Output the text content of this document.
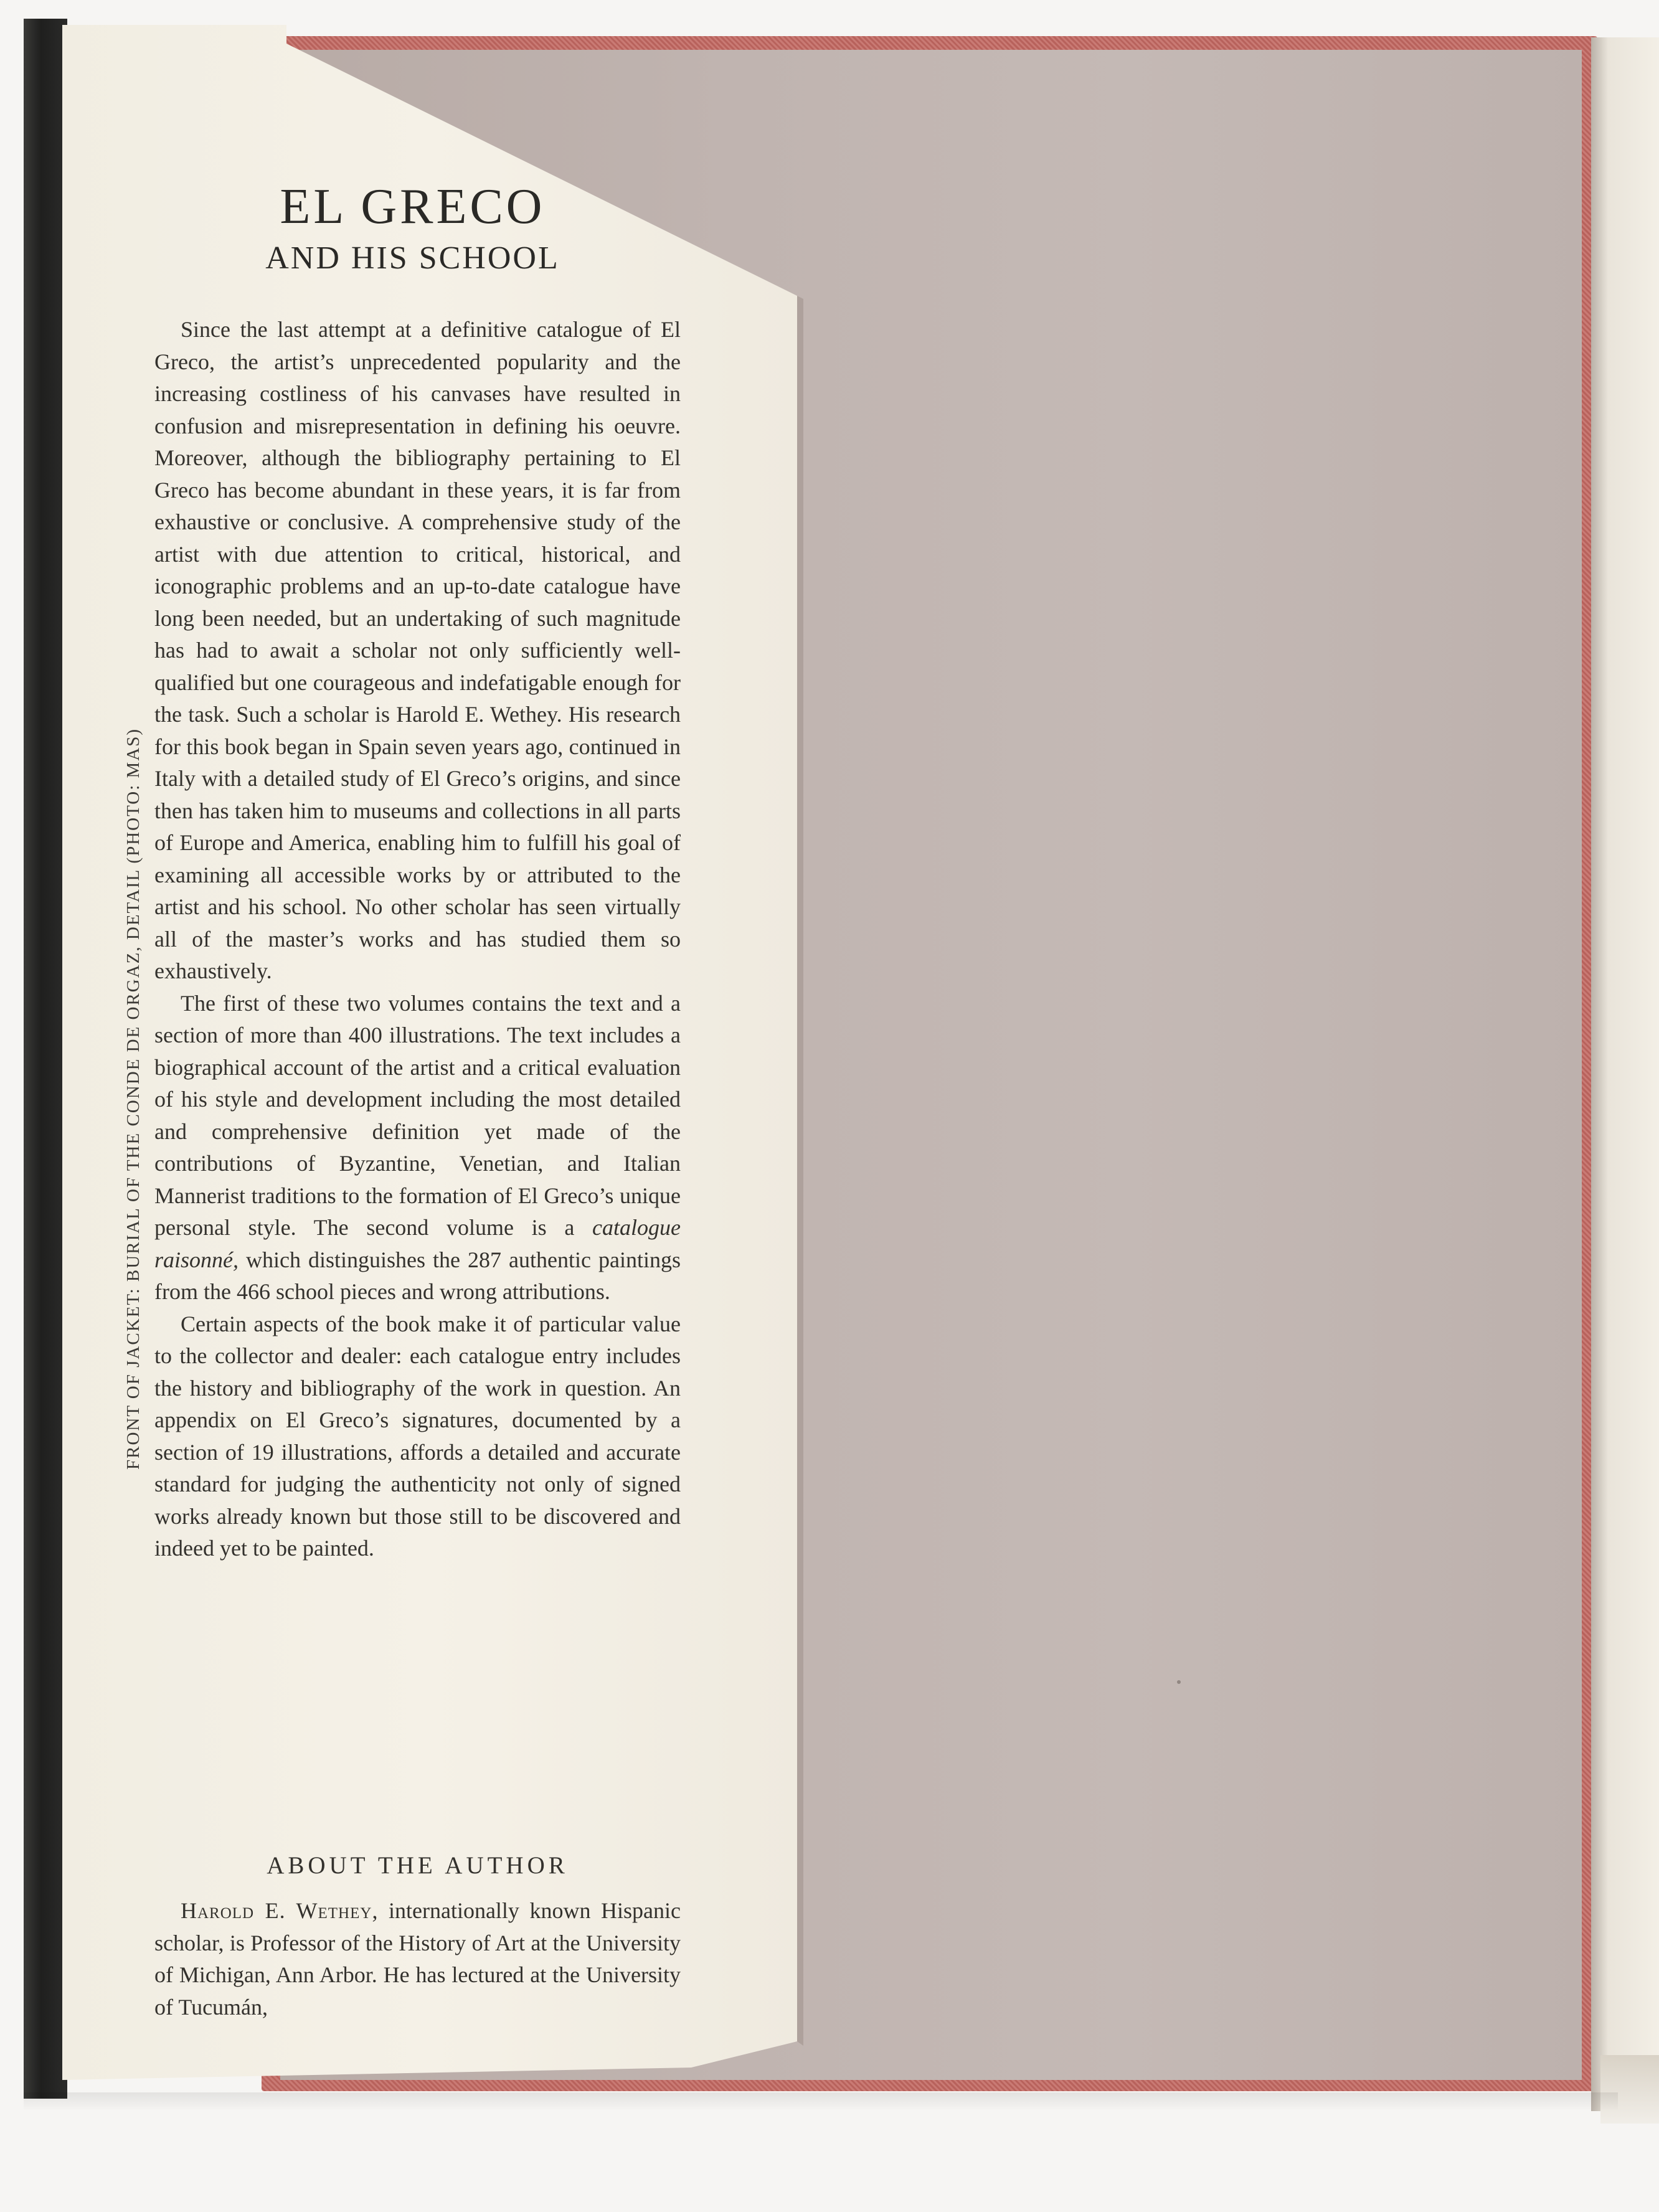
FRONT OF JACKET: BURIAL OF THE CONDE DE ORGAZ, DETAIL (PHOTO: MAS)
EL GRECO
AND HIS SCHOOL

Since the last attempt at a definitive catalogue of El Greco, the artist’s unprecedented popularity and the increasing costliness of his canvases have resulted in confusion and misrepresentation in defining his oeuvre. Moreover, although the bibliography pertaining to El Greco has become abundant in these years, it is far from exhaustive or conclusive. A comprehensive study of the artist with due attention to critical, historical, and iconographic problems and an up-to-date catalogue have long been needed, but an undertaking of such magnitude has had to await a scholar not only sufficiently well-qualified but one courageous and indefatigable enough for the task. Such a scholar is Harold E. Wethey. His research for this book began in Spain seven years ago, continued in Italy with a detailed study of El Greco’s origins, and since then has taken him to museums and collections in all parts of Europe and America, enabling him to fulfill his goal of examining all accessible works by or attributed to the artist and his school. No other scholar has seen virtually all of the master’s works and has studied them so exhaustively.

The first of these two volumes contains the text and a section of more than 400 illustrations. The text includes a biographical account of the artist and a critical evaluation of his style and development including the most detailed and comprehensive definition yet made of the contributions of Byzantine, Venetian, and Italian Mannerist traditions to the formation of El Greco’s unique personal style. The second volume is a catalogue raisonné, which distinguishes the 287 authentic paintings from the 466 school pieces and wrong attributions.

Certain aspects of the book make it of particular value to the collector and dealer: each catalogue entry includes the history and bibliography of the work in question. An appendix on El Greco’s signatures, documented by a section of 19 illustrations, affords a detailed and accurate standard for judging the authenticity not only of signed works already known but those still to be discovered and indeed yet to be painted.

ABOUT THE AUTHOR

Harold E. Wethey, internationally known Hispanic scholar, is Professor of the History of Art at the University of Michigan, Ann Arbor. He has lectured at the University of Tucumán,
